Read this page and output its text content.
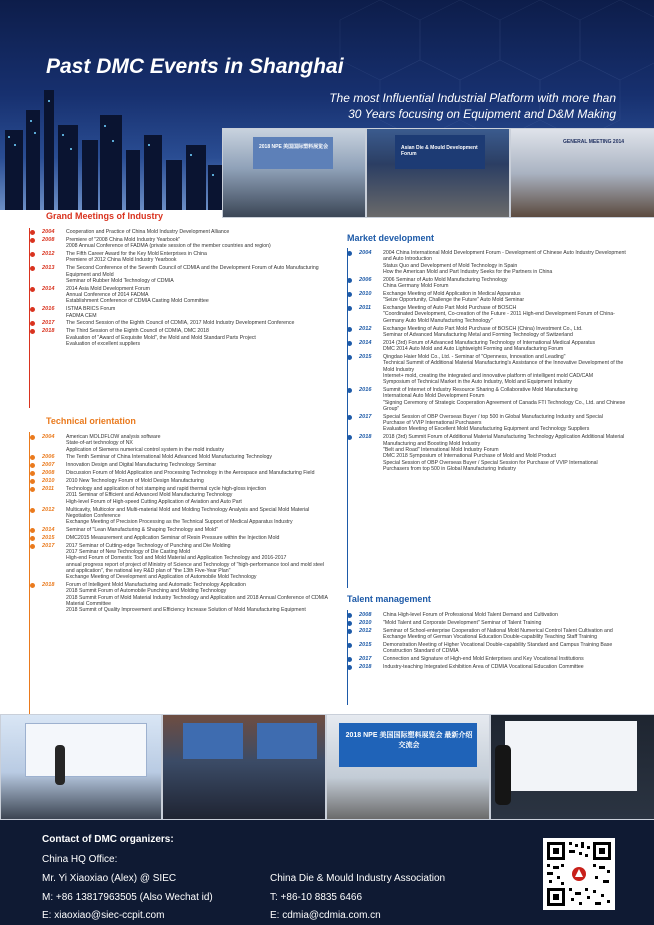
Past DMC Events in Shanghai
The most Influential Industrial Platform with more than
30 Years focusing on Equipment and D&M Making
2018 NPE 美国国际塑料展览会	Asian Die & Mould Development Forum
GENERAL MEETING 2014
Grand Meetings of Industry
2004	Cooperation and Practice of China Mold Industry Development Alliance
2008	Premiere of "2008 China Mold Industry Yearbook"
2008 Annual Conference of FADMA (private session of the member countries and region)
2012	The Fifth Career Award for the Key Mold Enterprises in China
Premiere of 2012 China Mold Industry Yearbook
2013	The Second Conference of the Seventh Council of CDMIA and the Development Forum of Auto Manufacturing Equipment and Mold
Seminar of Rubber Mold Technology of CDMIA
2014	2014 Asia Mold Development Forum
Annual Conference of 2014 FADMA
Establishment Conference of CDMIA Casting Mold Committee
2016	ISTMA BRICS Forum
FADMA CEM
2017	The Second Session of the Eighth Council of CDMIA, 2017 Mold Industry Development Conference
2018	The Third Session of the Eighth Council of CDMIA, DMC 2018
Evaluation of "Award of Exquisite Mold", the Mold and Mold Standard Parts Project
Evaluation of excellent suppliers
Technical orientation
2004	American MOLDFLOW analysis software
State-of-art technology of NX
Application of Siemens numerical control system in the mold industry
2006	The Tenth Seminar of China International Mold Advanced Mold Manufacturing Technology
2007	Innovation Design and Digital Manufacturing Technology Seminar
2008	Discussion Forum of Mold Application and Processing Technology in the Aerospace and Manufacturing Field
2010	2010 New Technology Forum of Mold Design Manufacturing
2011	Technology and application of hot stamping and rapid thermal cycle high-gloss injection
2011 Seminar of Efficient and Advanced Mold Manufacturing Technology
High-level Forum of High-speed Cutting Application of Aviation and Auto Part
2012	Multicavity, Multicolor and Multi-material Mold and Molding Technology Analysis and Special Mold Material Negotiation Conference
Exchange Meeting of Precision Processing as the Technical Support of Medical Apparatus Industry
2014	Seminar of "Lean Manufacturing & Shaping Technology and Mold"
2015	DMC2015 Measurement and Application Seminar of Resin Pressure within the Injection Mold
2017	2017 Seminar of Cutting-edge Technology of Punching and Die Molding
2017 Seminar of New Technology of Die Casting Mold
High-end Forum of Domestic Tool and Mold Material and Application Technology and 2016-2017
annual progress report of project of Ministry of Science and Technology of "high-performance tool and mold steel and application", the national key R&D plan of "the 13th Five-Year Plan"
Exchange Meeting of Development and Application of Automobile Mold Technology
2018	Forum of Intelligent Mold Manufacturing and Automatic Technology Application
2018 Summit Forum of Automobile Punching and Molding Technology
2018 Summit Forum of Mold Material Industry Technology and Application and 2018 Annual Conference of CDMIA Material Committee
2018 Summit of Quality Improvement and Efficiency Increase Solution of Mold Manufacturing Equipment
Market development
2004	2004 China International Mold Development Forum - Development of Chinese Auto Industry Development and Auto Introduction
Status Quo and Development of Mold Technology in Spain
How the American Mold and Part Industry Seeks for the Partners in China
2006	2006 Seminar of Auto Mold Manufacturing Technology
China Germany Mold Forum
2010	Exchange Meeting of Mold Application in Medical Apparatus
"Seize Opportunity, Challenge the Future" Auto Mold Seminar
2011	Exchange Meeting of Auto Part Mold Purchase of BOSCH
"Coordinated Development, Co-creation of the Future - 2011 High-end Development Forum of China-Germany Auto Mold Manufacturing Technology"
2012	Exchange Meeting of Auto Part Mold Purchase of BOSCH (China) Investment Co., Ltd.
Seminar of Advanced Manufacturing Metal and Forming Technology of Switzerland
2014	2014 (3rd) Forum of Advanced Manufacturing Technology of International Medical Apparatus
DMC 2014 Auto Mold and Auto Lightweight Forming and Manufacturing Forum
2015	Qingdao Haier Mold Co., Ltd. - Seminar of "Openness, Innovation and Leading"
Technical Summit of Additional Material Manufacturing's Assistance of the Innovative Development of the Mold Industry
Internet+ mold, creating the integrated and innovative platform of intelligent mold CAD/CAM
Symposium of Technical Market in the Auto Industry, Mold and Equipment Industry
2016	Summit of Internet of Industry Resource Sharing & Collaborative Mold Manufacturing
International Auto Mold Development Forum
"Signing Ceremony of Strategic Cooperation Agreement of Canada FTI Technology Co., Ltd. and Chinese Group"
2017	Special Session of OBP Overseas Buyer / top 500 in Global Manufacturing Industry and Special
Purchase of VVIP International Purchasers
Evaluation Meeting of Excellent Mold Manufacturing Equipment and Technology Suppliers
2018	2018 (3rd) Summit Forum of Additional Material Manufacturing Technology Application Additional Material Manufacturing and Boosting Mold Industry
"Belt and Road" International Mold Industry Forum
DMC 2018 Symposium of International Purchase of Mold and Mold Product
Special Session of OBP Overseas Buyer / Special Session for Purchase of VVIP International
Purchasers from top 500 in Global Manufacturing Industry
Talent management
2008	China High-level Forum of Professional Mold Talent Demand and Cultivation
2010	"Mold Talent and Corporate Development" Seminar of Talent Training
2012	Seminar of School-enterprise Cooperation of National Mold Numerical Control Talent Cultivation and Exchange Meeting of German Vocational Education Double-capability Teaching Staff Training
2015	Demonstration Meeting of Higher Vocational Double-capability Standard and Campus Training Base Construction Standard of CDMIA
2017	Connection and Signature of High-end Mold Enterprises and Key Vocational Institutions
2018	Industry-teaching Integrated Exhibition Area of CDMIA Vocational Education Committee
2018 NPE 美国国际塑料展览会 最新介绍交流会
Contact of DMC organizers:
China HQ Office:
Mr. Yi Xiaoxiao (Alex) @ SIEC
M: +86 13817963505 (Also Wechat id)
E: xiaoxiao@siec-ccpit.com
China Die & Mould Industry Association
T: +86-10 8835 6466
E: cdmia@cdmia.com.cn
